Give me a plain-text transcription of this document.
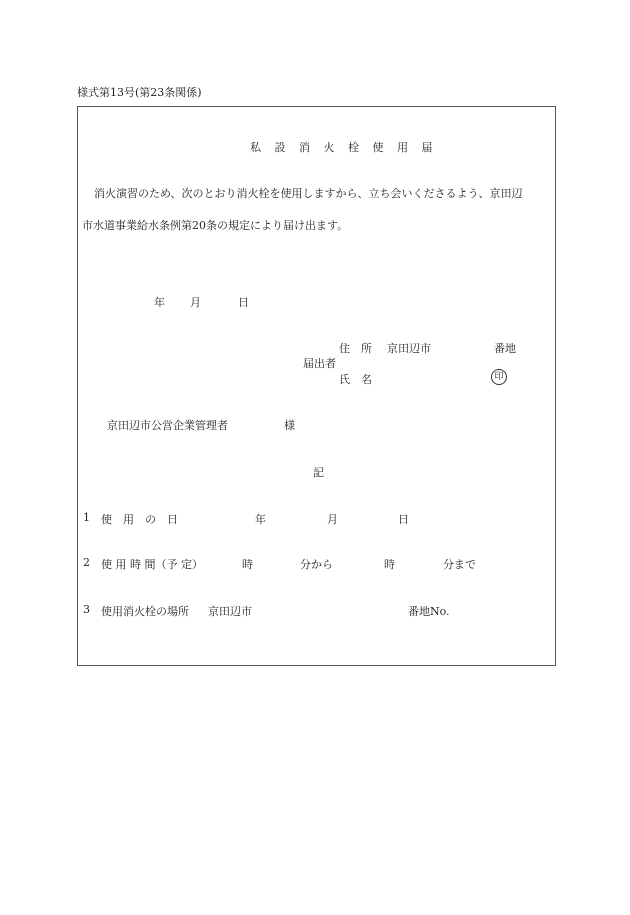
様式第13号(第23条関係)
私 設 消 火 栓 使 用 届
消火演習のため、次のとおり消火栓を使用しますから、立ち会いくださるよう、京田辺
市水道事業給水条例第20条の規定により届け出ます。
年 月	日
住　所 京田辺市	番地
届出者
氏　名	印
京田辺市公営企業管理者	様
記
1 使　用　の　日	年	月	日
2 使 用 時 間（予 定）	時	分から	時	分まで
3 使用消火栓の場所 京田辺市	番地No.
